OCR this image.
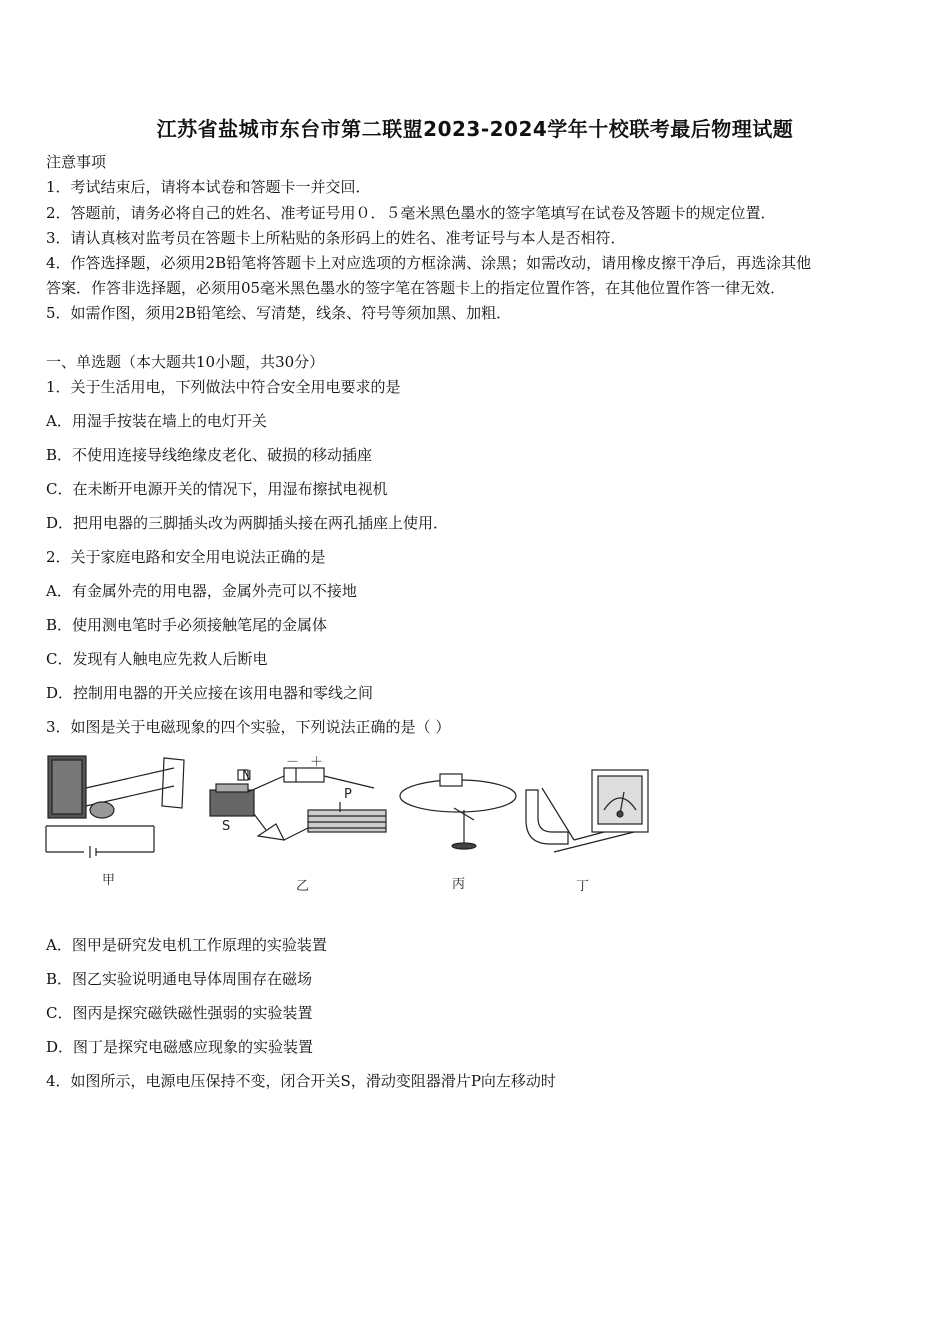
江苏省盐城市东台市第二联盟2023-2024学年十校联考最后物理试题
注意事项
1．考试结束后，请将本试卷和答题卡一并交回．
2．答题前，请务必将自己的姓名、准考证号用０．５毫米黑色墨水的签字笔填写在试卷及答题卡的规定位置．
3．请认真核对监考员在答题卡上所粘贴的条形码上的姓名、准考证号与本人是否相符．
4．作答选择题，必须用2B铅笔将答题卡上对应选项的方框涂满、涂黑；如需改动，请用橡皮擦干净后，再选涂其他
答案．作答非选择题，必须用05毫米黑色墨水的签字笔在答题卡上的指定位置作答，在其他位置作答一律无效．
5．如需作图，须用2B铅笔绘、写清楚，线条、符号等须加黑、加粗．
一、单选题（本大题共10小题，共30分）
1．关于生活用电，下列做法中符合安全用电要求的是
A．用湿手按装在墙上的电灯开关
B．不使用连接导线绝缘皮老化、破损的移动插座
C．在未断开电源开关的情况下，用湿布擦拭电视机
D．把用电器的三脚插头改为两脚插头接在两孔插座上使用．
2．关于家庭电路和安全用电说法正确的是
A．有金属外壳的用电器，金属外壳可以不接地
B．使用测电笔时手必须接触笔尾的金属体
C．发现有人触电应先救人后断电
D．控制用电器的开关应接在该用电器和零线之间
3．如图是关于电磁现象的四个实验，下列说法正确的是（ ）
N
S
P
－ ＋
甲	乙	丙	丁
A．图甲是研究发电机工作原理的实验装置
B．图乙实验说明通电导体周围存在磁场
C．图丙是探究磁铁磁性强弱的实验装置
D．图丁是探究电磁感应现象的实验装置
4．如图所示，电源电压保持不变，闭合开关S，滑动变阻器滑片P向左移动时
